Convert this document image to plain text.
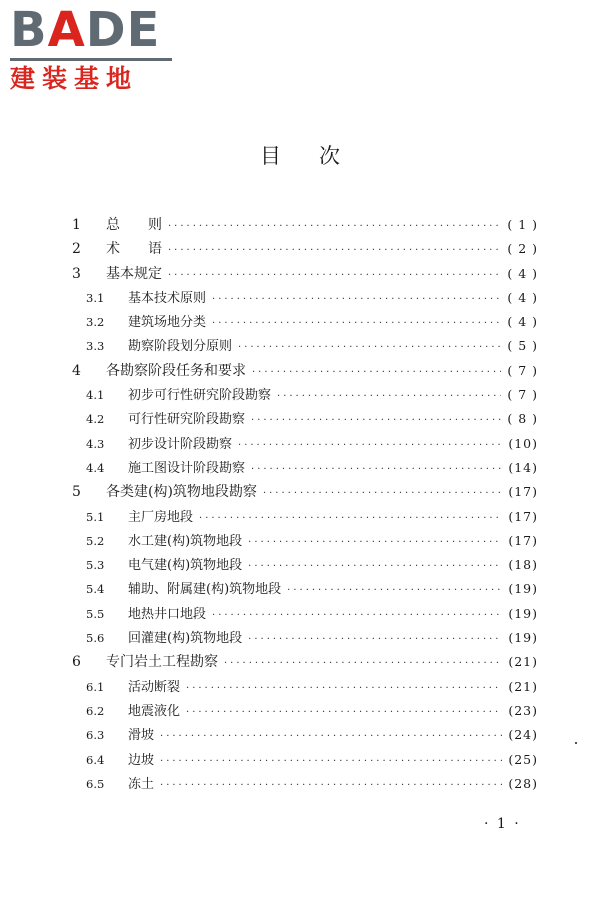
BADE
建装基地
目次
1	总　　则 ·····	( 1 )
2	术　　语 ·····	( 2 )
3	基本规定 ·····	( 4 )
3.1	基本技术原则 ·····	( 4 )
3.2	建筑场地分类 ·····	( 4 )
3.3	勘察阶段划分原则 ·····	( 5 )
4	各勘察阶段任务和要求 ·····	( 7 )
4.1	初步可行性研究阶段勘察 ·····	( 7 )
4.2	可行性研究阶段勘察 ·····	( 8 )
4.3	初步设计阶段勘察 ·····	(10)
4.4	施工图设计阶段勘察 ·····	(14)
5	各类建(构)筑物地段勘察 ·····	(17)
5.1	主厂房地段 ·····	(17)
5.2	水工建(构)筑物地段 ·····	(17)
5.3	电气建(构)筑物地段 ·····	(18)
5.4	辅助、附属建(构)筑物地段 ·····	(19)
5.5	地热井口地段 ·····	(19)
5.6	回灌建(构)筑物地段 ·····	(19)
6	专门岩土工程勘察 ·····	(21)
6.1	活动断裂 ·····	(21)
6.2	地震液化 ·····	(23)
6.3	滑坡 ·····	(24)
6.4	边坡 ·····	(25)
6.5	冻土 ·····	(28)
· 1 ·
